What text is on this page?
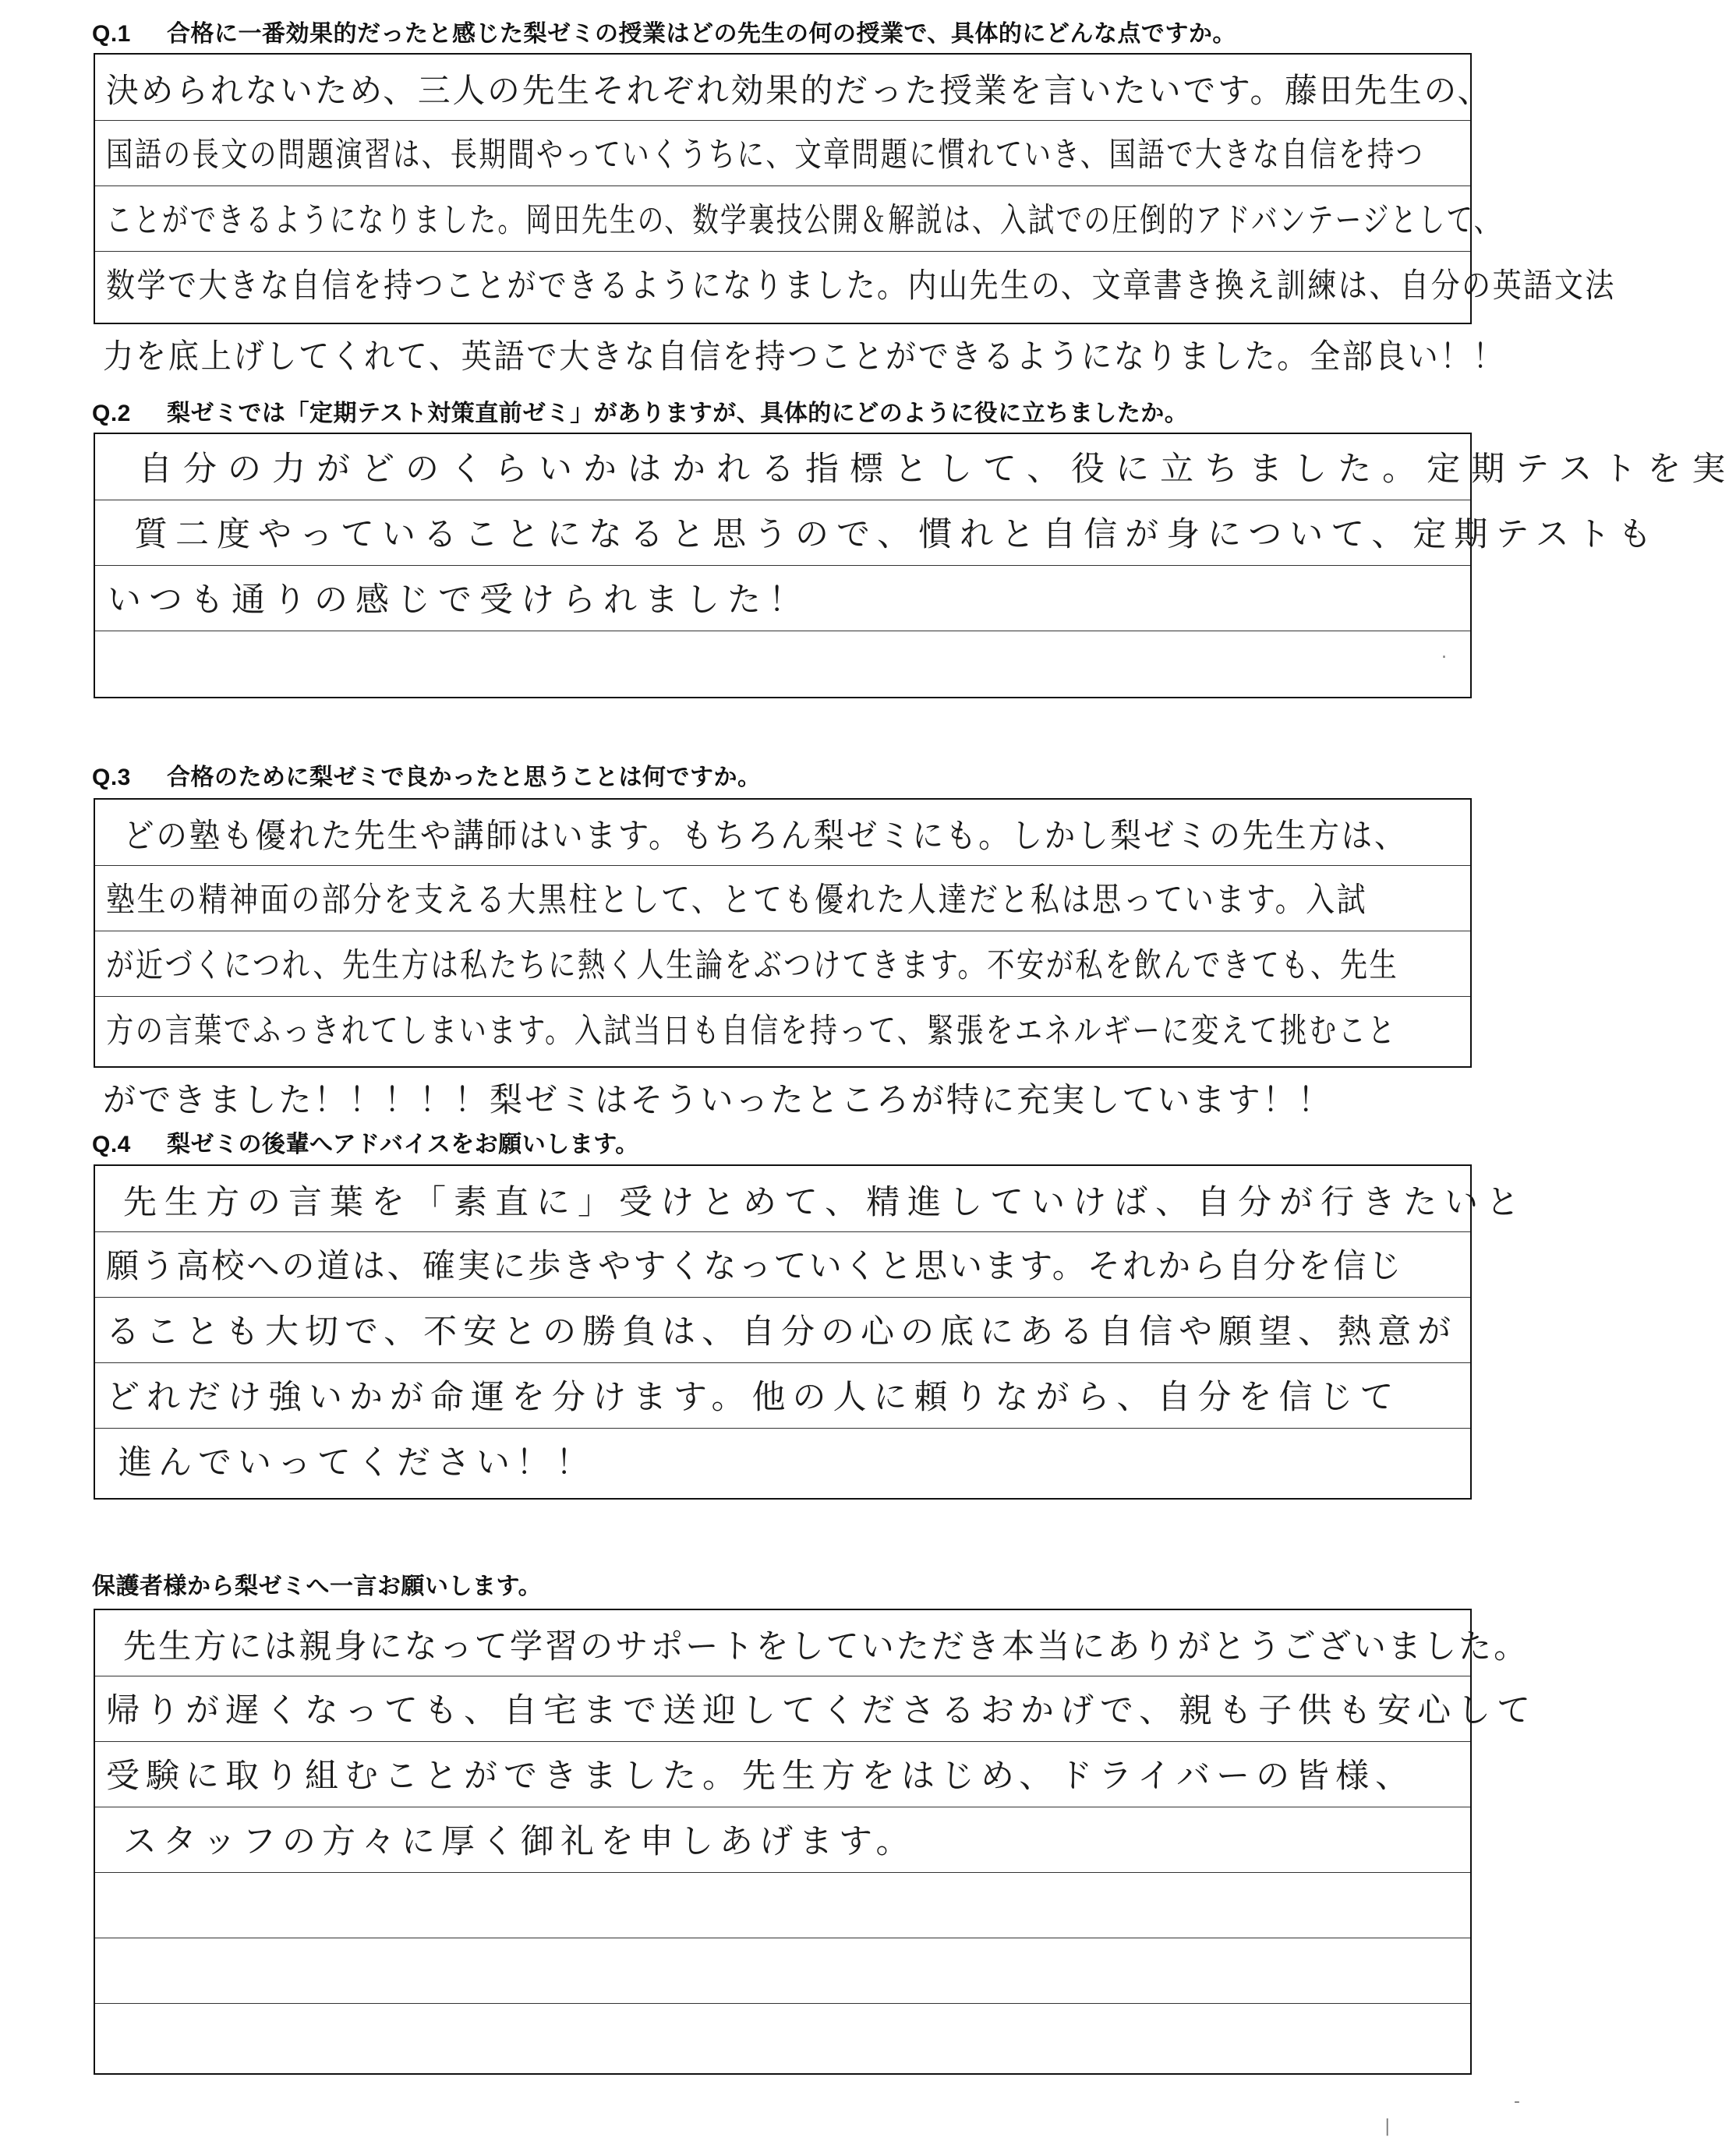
Q.1 合格に一番効果的だったと感じた梨ゼミの授業はどの先生の何の授業で、具体的にどんな点ですか。
決められないため、三人の先生それぞれ効果的だった授業を言いたいです。藤田先生の、
国語の長文の問題演習は、長期間やっていくうちに、文章問題に慣れていき、国語で大きな自信を持つ
ことができるようになりました。岡田先生の、数学裏技公開＆解説は、入試での圧倒的アドバンテージとして、
数学で大きな自信を持つことができるようになりました。内山先生の、文章書き換え訓練は、自分の英語文法
力を底上げしてくれて、英語で大きな自信を持つことができるようになりました。全部良い！！
Q.2 梨ゼミでは「定期テスト対策直前ゼミ」がありますが、具体的にどのように役に立ちましたか。
自分の力がどのくらいかはかれる指標として、役に立ちました。定期テストを実
質二度やっていることになると思うので、慣れと自信が身について、定期テストも
いつも通りの感じで受けられました！
.
Q.3 合格のために梨ゼミで良かったと思うことは何ですか。
どの塾も優れた先生や講師はいます。もちろん梨ゼミにも。しかし梨ゼミの先生方は、
塾生の精神面の部分を支える大黒柱として、とても優れた人達だと私は思っています。入試
が近づくにつれ、先生方は私たちに熱く人生論をぶつけてきます。不安が私を飲んできても、先生
方の言葉でふっきれてしまいます。入試当日も自信を持って、緊張をエネルギーに変えて挑むこと
ができました！！！！！梨ゼミはそういったところが特に充実しています！！
Q.4 梨ゼミの後輩へアドバイスをお願いします。
先生方の言葉を「素直に」受けとめて、精進していけば、自分が行きたいと
願う高校への道は、確実に歩きやすくなっていくと思います。それから自分を信じ
ることも大切で、不安との勝負は、自分の心の底にある自信や願望、熱意が
どれだけ強いかが命運を分けます。他の人に頼りながら、自分を信じて
進んでいってください！！
保護者様から梨ゼミへ一言お願いします。
先生方には親身になって学習のサポートをしていただき本当にありがとうございました。
帰りが遅くなっても、自宅まで送迎してくださるおかげで、親も子供も安心して
受験に取り組むことができました。先生方をはじめ、ドライバーの皆様、
スタッフの方々に厚く御礼を申しあげます。
|
-
